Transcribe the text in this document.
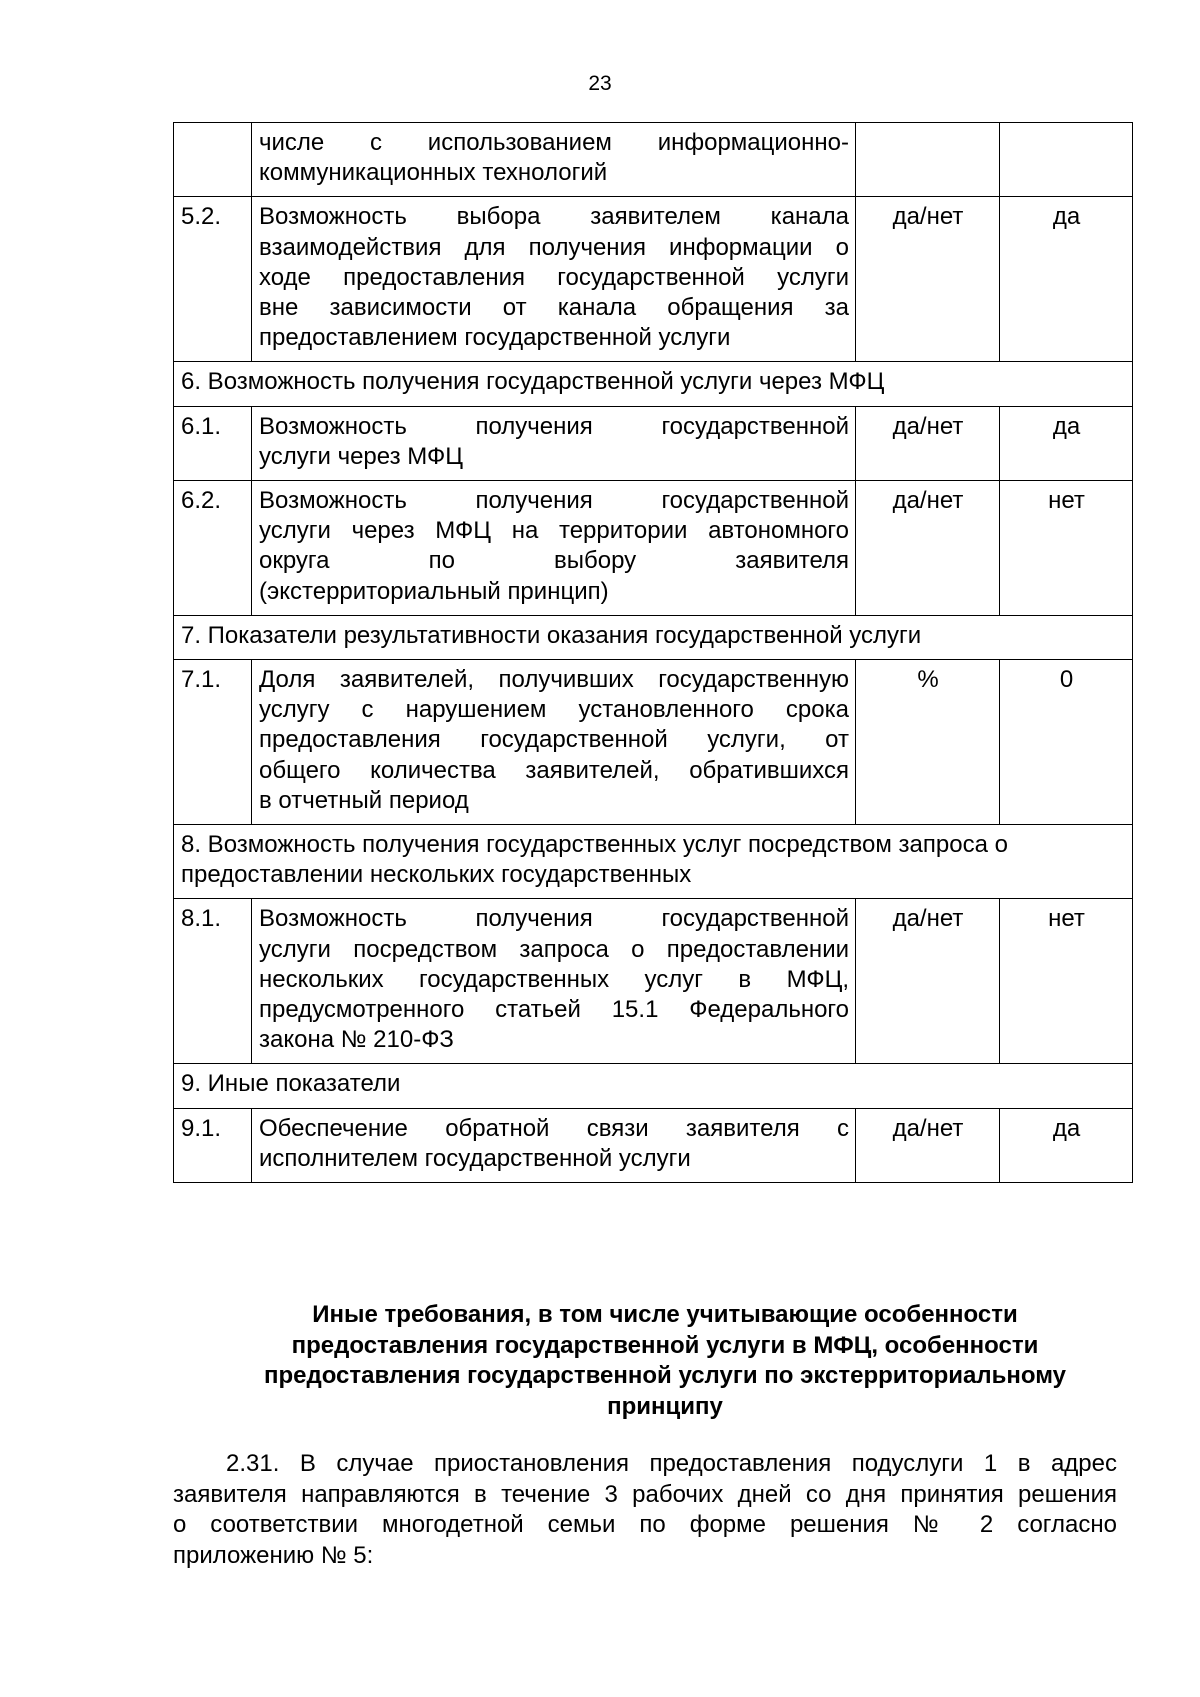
23

	числе с использованием информационно-
коммуникационных технологий		

5.2.	Возможность выбора заявителем канала
взаимодействия для получения информации о
ходе предоставления государственной услуги
вне зависимости от канала обращения за
предоставлением государственной услуги	да/нет	да
6. Возможность получения государственной услуги через МФЦ			
6.1.	Возможность получения государственной
услуги через МФЦ	да/нет	да
6.2.	Возможность получения государственной
услуги через МФЦ на территории автономного
округа по выбору заявителя
(экстерриториальный принцип)	да/нет	нет
7. Показатели результативности оказания государственной услуги			
7.1.	Доля заявителей, получивших государственную
услугу с нарушением установленного срока
предоставления государственной услуги, от
общего количества заявителей, обратившихся
в отчетный период	%	0

8. Возможность получения государственных услуг посредством запроса о
предоставлении нескольких государственных			

8.1.	Возможность получения государственной
услуги посредством запроса о предоставлении
нескольких государственных услуг в МФЦ,
предусмотренного статьей 15.1 Федерального
закона № 210-ФЗ	да/нет	нет
9. Иные показатели			
9.1.	Обеспечение обратной связи заявителя с
исполнителем государственной услуги	да/нет	да
Иные требования, в том числе учитывающие особенности
предоставления государственной услуги в МФЦ, особенности
предоставления государственной услуги по экстерриториальному
принципу
2.31. В случае приостановления предоставления подуслуги 1 в адрес
заявителя направляются в течение 3 рабочих дней со дня принятия решения
о соответствии многодетной семьи по форме решения № 2 согласно
приложению № 5:
